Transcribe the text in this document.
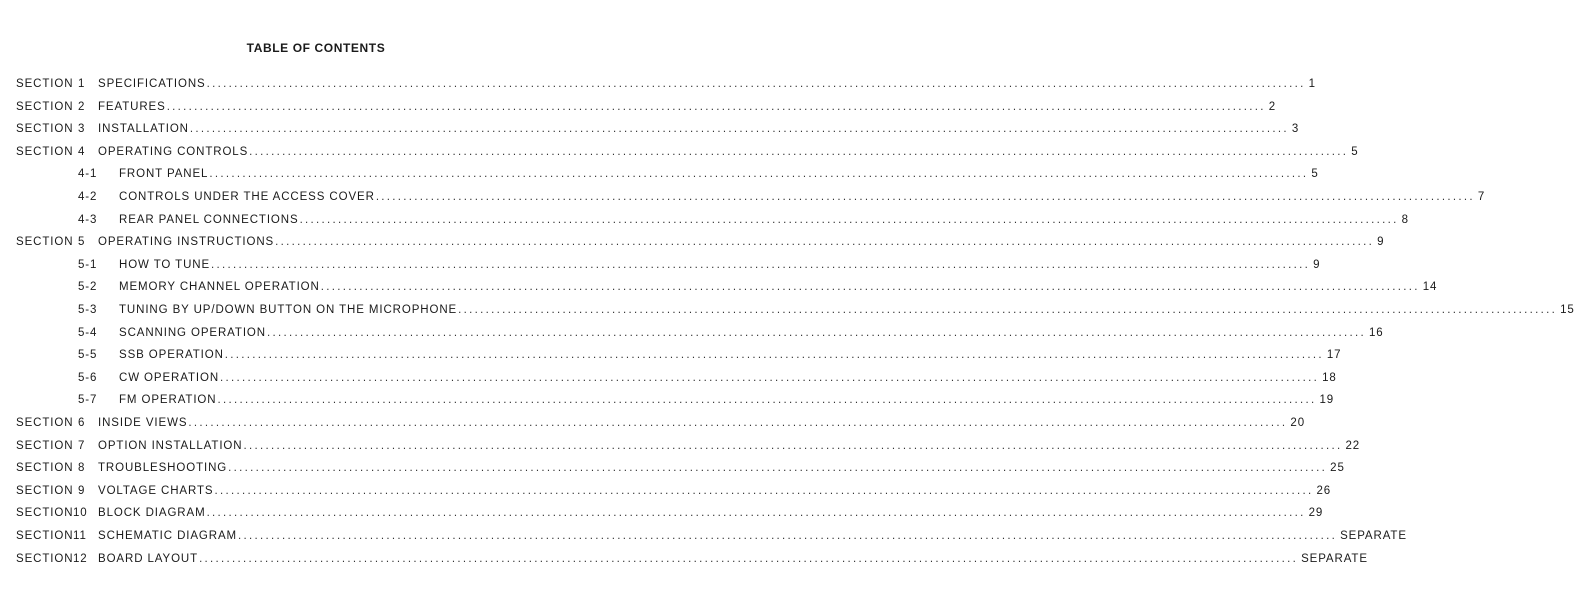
TABLE OF CONTENTS
SECTION 1 SPECIFICATIONS ........................................................................................................................................................................................................ 1
SECTION 2 FEATURES ........................................................................................................................................................................................................ 2
SECTION 3 INSTALLATION ........................................................................................................................................................................................................ 3
SECTION 4 OPERATING CONTROLS ........................................................................................................................................................................................................ 5
4-1 FRONT PANEL ........................................................................................................................................................................................................ 5
4-2 CONTROLS UNDER THE ACCESS COVER ........................................................................................................................................................................................................ 7
4-3 REAR PANEL CONNECTIONS ........................................................................................................................................................................................................ 8
SECTION 5 OPERATING INSTRUCTIONS ........................................................................................................................................................................................................ 9
5-1 HOW TO TUNE ........................................................................................................................................................................................................ 9
5-2 MEMORY CHANNEL OPERATION ........................................................................................................................................................................................................ 14
5-3 TUNING BY UP/DOWN BUTTON ON THE MICROPHONE ........................................................................................................................................................................................................ 15
5-4 SCANNING OPERATION ........................................................................................................................................................................................................ 16
5-5 SSB OPERATION ........................................................................................................................................................................................................ 17
5-6 CW OPERATION ........................................................................................................................................................................................................ 18
5-7 FM OPERATION ........................................................................................................................................................................................................ 19
SECTION 6 INSIDE VIEWS ........................................................................................................................................................................................................ 20
SECTION 7 OPTION INSTALLATION ........................................................................................................................................................................................................ 22
SECTION 8 TROUBLESHOOTING ........................................................................................................................................................................................................ 25
SECTION 9 VOLTAGE CHARTS ........................................................................................................................................................................................................ 26
SECTION 10 BLOCK DIAGRAM ........................................................................................................................................................................................................ 29
SECTION 11 SCHEMATIC DIAGRAM ........................................................................................................................................................................................................ SEPARATE
SECTION 12 BOARD LAYOUT ........................................................................................................................................................................................................ SEPARATE
